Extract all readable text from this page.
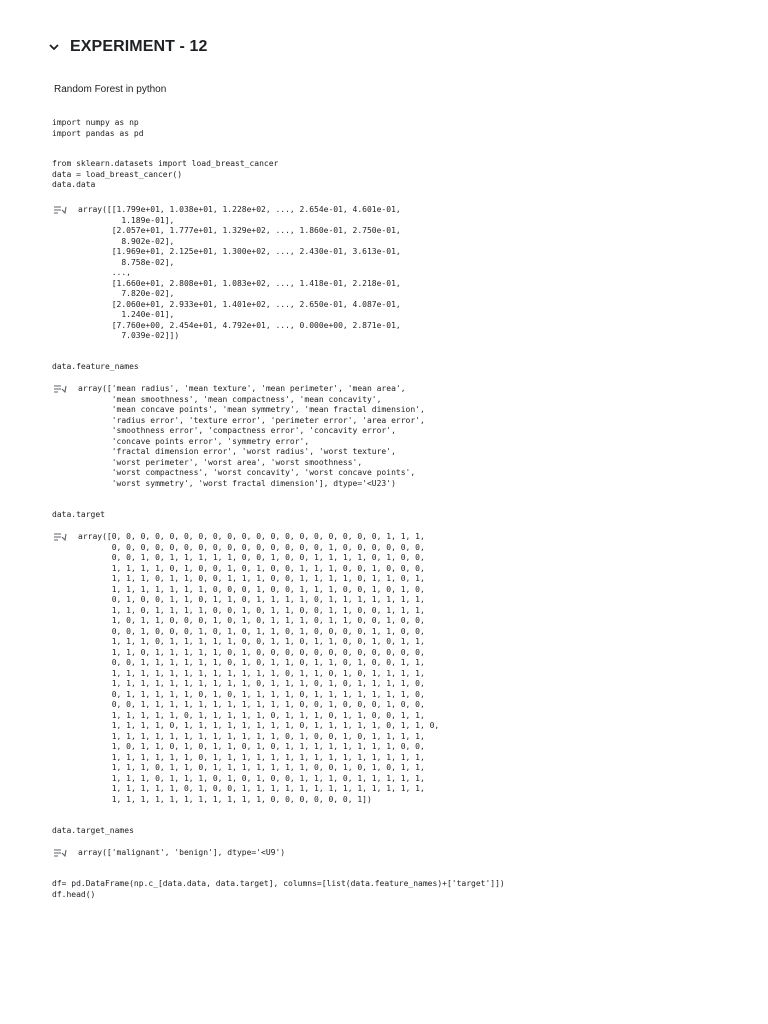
EXPERIMENT - 12
Random Forest in python
import numpy as np
import pandas as pd
from sklearn.datasets import load_breast_cancer
data = load_breast_cancer()
data.data
array([[1.799e+01, 1.038e+01, 1.228e+02, ..., 2.654e-01, 4.601e-01,
1.189e-01],
[2.057e+01, 1.777e+01, 1.329e+02, ..., 1.860e-01, 2.750e-01,
8.902e-02],
[1.969e+01, 2.125e+01, 1.300e+02, ..., 2.430e-01, 3.613e-01,
8.758e-02],
...,
[1.660e+01, 2.808e+01, 1.083e+02, ..., 1.418e-01, 2.218e-01,
7.820e-02],
[2.060e+01, 2.933e+01, 1.401e+02, ..., 2.650e-01, 4.087e-01,
1.240e-01],
[7.760e+00, 2.454e+01, 4.792e+01, ..., 0.000e+00, 2.871e-01,
7.039e-02]])
data.feature_names
array(['mean radius', 'mean texture', 'mean perimeter', 'mean area',
'mean smoothness', 'mean compactness', 'mean concavity',
'mean concave points', 'mean symmetry', 'mean fractal dimension',
'radius error', 'texture error', 'perimeter error', 'area error',
'smoothness error', 'compactness error', 'concavity error',
'concave points error', 'symmetry error',
'fractal dimension error', 'worst radius', 'worst texture',
'worst perimeter', 'worst area', 'worst smoothness',
'worst compactness', 'worst concavity', 'worst concave points',
'worst symmetry', 'worst fractal dimension'], dtype='<U23')
data.target
array([0, 0, 0, 0, 0, 0, 0, 0, 0, 0, 0, 0, 0, 0, 0, 0, 0, 0, 0, 1, 1, 1,
0, 0, 0, 0, 0, 0, 0, 0, 0, 0, 0, 0, 0, 0, 0, 1, 0, 0, 0, 0, 0, 0,
0, 0, 1, 0, 1, 1, 1, 1, 1, 0, 0, 1, 0, 0, 1, 1, 1, 1, 0, 1, 0, 0,
1, 1, 1, 1, 0, 1, 0, 0, 1, 0, 1, 0, 0, 1, 1, 1, 0, 0, 1, 0, 0, 0,
1, 1, 1, 0, 1, 1, 0, 0, 1, 1, 1, 0, 0, 1, 1, 1, 1, 0, 1, 1, 0, 1,
1, 1, 1, 1, 1, 1, 1, 0, 0, 0, 1, 0, 0, 1, 1, 1, 0, 0, 1, 0, 1, 0,
0, 1, 0, 0, 1, 1, 0, 1, 1, 0, 1, 1, 1, 1, 0, 1, 1, 1, 1, 1, 1, 1,
1, 1, 0, 1, 1, 1, 1, 0, 0, 1, 0, 1, 1, 0, 0, 1, 1, 0, 0, 1, 1, 1,
1, 0, 1, 1, 0, 0, 0, 1, 0, 1, 0, 1, 1, 1, 0, 1, 1, 0, 0, 1, 0, 0,
0, 0, 1, 0, 0, 0, 1, 0, 1, 0, 1, 1, 0, 1, 0, 0, 0, 0, 1, 1, 0, 0,
1, 1, 1, 0, 1, 1, 1, 1, 1, 0, 0, 1, 1, 0, 1, 1, 0, 0, 1, 0, 1, 1,
1, 1, 0, 1, 1, 1, 1, 1, 0, 1, 0, 0, 0, 0, 0, 0, 0, 0, 0, 0, 0, 0,
0, 0, 1, 1, 1, 1, 1, 1, 0, 1, 0, 1, 1, 0, 1, 1, 0, 1, 0, 0, 1, 1,
1, 1, 1, 1, 1, 1, 1, 1, 1, 1, 1, 1, 0, 1, 1, 0, 1, 0, 1, 1, 1, 1,
1, 1, 1, 1, 1, 1, 1, 1, 1, 1, 0, 1, 1, 1, 0, 1, 0, 1, 1, 1, 1, 0,
0, 1, 1, 1, 1, 1, 0, 1, 0, 1, 1, 1, 1, 0, 1, 1, 1, 1, 1, 1, 1, 0,
0, 0, 1, 1, 1, 1, 1, 1, 1, 1, 1, 1, 1, 0, 0, 1, 0, 0, 0, 1, 0, 0,
1, 1, 1, 1, 1, 0, 1, 1, 1, 1, 1, 0, 1, 1, 1, 0, 1, 1, 0, 0, 1, 1,
1, 1, 1, 1, 0, 1, 1, 1, 1, 1, 1, 1, 1, 0, 1, 1, 1, 1, 1, 0, 1, 1, 0,
1, 1, 1, 1, 1, 1, 1, 1, 1, 1, 1, 1, 0, 1, 0, 0, 1, 0, 1, 1, 1, 1,
1, 0, 1, 1, 0, 1, 0, 1, 1, 0, 1, 0, 1, 1, 1, 1, 1, 1, 1, 1, 0, 0,
1, 1, 1, 1, 1, 1, 0, 1, 1, 1, 1, 1, 1, 1, 1, 1, 1, 1, 1, 1, 1, 1,
1, 1, 1, 0, 1, 1, 0, 1, 1, 1, 1, 1, 1, 1, 0, 0, 1, 0, 1, 0, 1, 1,
1, 1, 1, 0, 1, 1, 1, 0, 1, 0, 1, 0, 0, 1, 1, 1, 0, 1, 1, 1, 1, 1,
1, 1, 1, 1, 1, 0, 1, 0, 0, 1, 1, 1, 1, 1, 1, 1, 1, 1, 1, 1, 1, 1,
1, 1, 1, 1, 1, 1, 1, 1, 1, 1, 1, 0, 0, 0, 0, 0, 0, 1])
data.target_names
array(['malignant', 'benign'], dtype='<U9')
df= pd.DataFrame(np.c_[data.data, data.target], columns=[list(data.feature_names)+['target']])
df.head()
